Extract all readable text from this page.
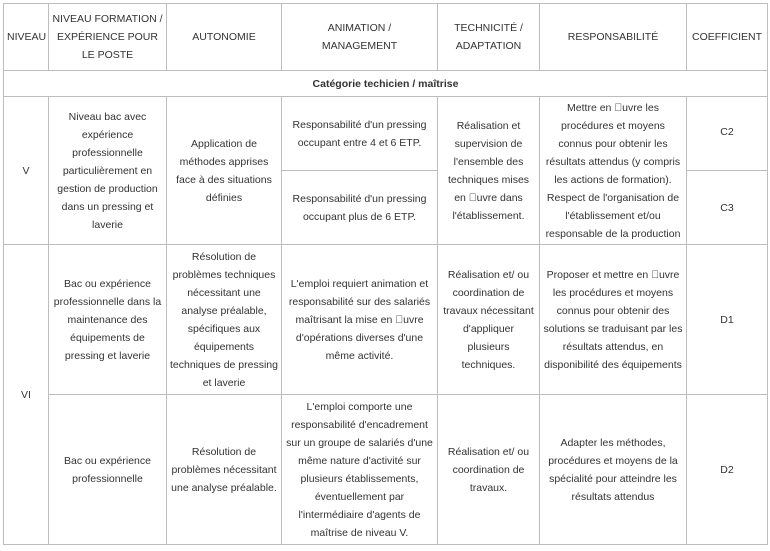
NIVEAU	NIVEAU FORMATION / EXPÉRIENCE POUR LE POSTE	AUTONOMIE	ANIMATION / MANAGEMENT	TECHNICITÉ / ADAPTATION	RESPONSABILITÉ	COEFFICIENT
Catégorie techicien / maîtrise						
V	Niveau bac avec expérience professionnelle particulièrement en gestion de production dans un pressing et laverie	Application de méthodes apprises face à des situations définies	Responsabilité d'un pressing occupant entre 4 et 6 ETP.	Réalisation et supervision de l'ensemble des techniques mises en  uvre dans l'établissement.	Mettre en  uvre les procédures et moyens connus pour obtenir les résultats attendus (y compris les actions de formation). Respect de l'organisation de l'établissement et/ou responsable de la production	C2
			Responsabilité d'un pressing occupant plus de 6 ETP.			C3
VI	Bac ou expérience professionnelle dans la maintenance des équipements de pressing et laverie	Résolution de problèmes techniques nécessitant une analyse préalable, spécifiques aux équipements techniques de pressing et laverie	L'emploi requiert animation et responsabilité sur des salariés maîtrisant la mise en  uvre d'opérations diverses d'une même activité.	Réalisation et/ ou coordination de travaux nécessitant d'appliquer plusieurs techniques.	Proposer et mettre en  uvre les procédures et moyens connus pour obtenir des solutions se traduisant par les résultats attendus, en disponibilité des équipements	D1
	Bac ou expérience professionnelle	Résolution de problèmes nécessitant une analyse préalable.	L'emploi comporte une responsabilité d'encadrement sur un groupe de salariés d'une même nature d'activité sur plusieurs établissements, éventuellement par l'intermédiaire d'agents de maîtrise de niveau V.	Réalisation et/ ou coordination de travaux.	Adapter les méthodes, procédures et moyens de la spécialité pour atteindre les résultats attendus	D2
